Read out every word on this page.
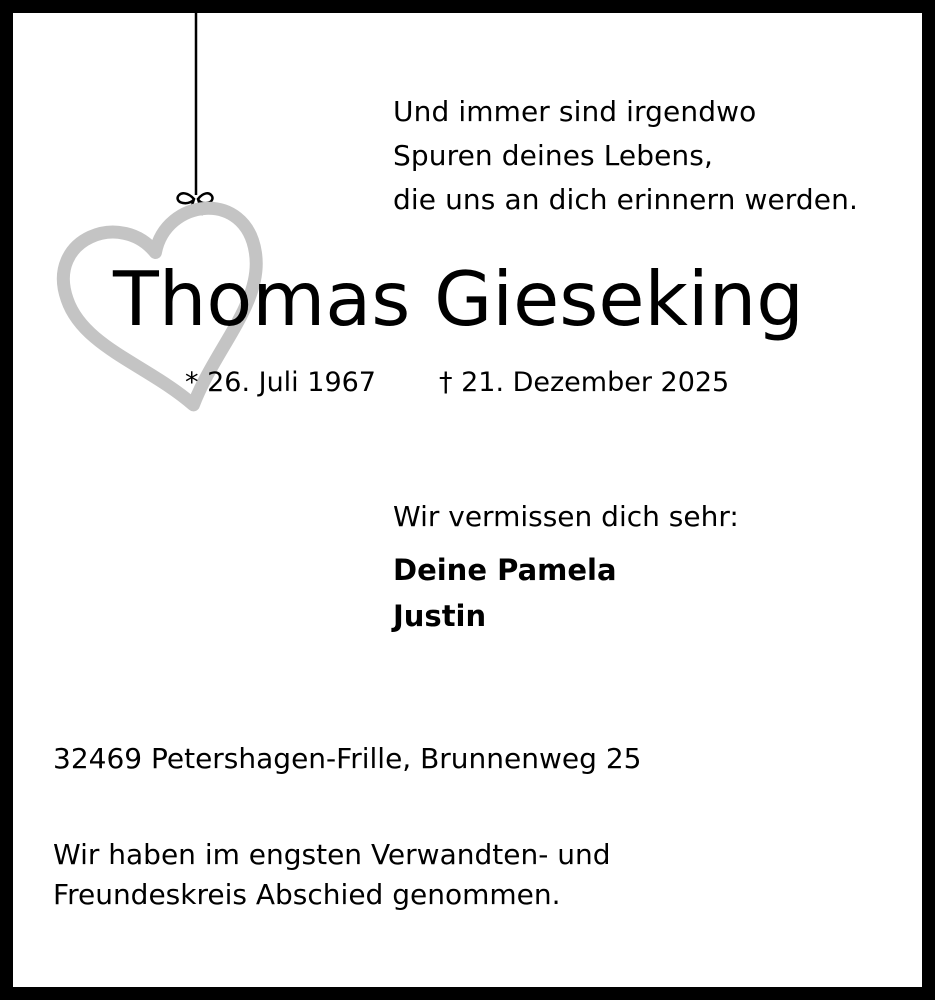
Und immer sind irgendwo
Spuren deines Lebens,
die uns an dich erinnern werden.

Thomas Gieseking
* 26. Juli 1967 † 21. Dezember 2025
Wir vermissen dich sehr:
Deine Pamela
Justin
32469 Petershagen-Frille, Brunnenweg 25
Wir haben im engsten Verwandten- und
Freundeskreis Abschied genommen.
